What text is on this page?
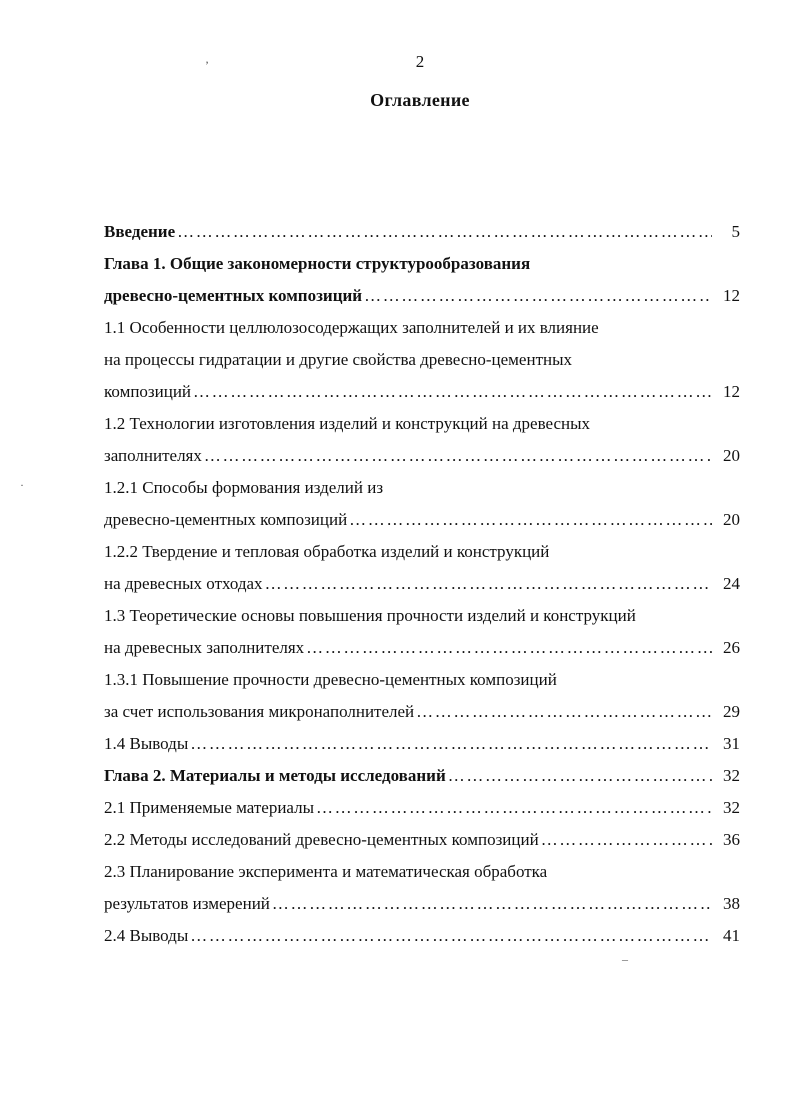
2
Оглавление
Введение ……………………………………………………………………………………………………………………………………………………	5
Глава 1. Общие закономерности структурообразования
древесно-цементных композиций ……………………………………………………………………………………………………………………………………………………	12
1.1 Особенности целлюлозосодержащих заполнителей и их влияние
на процессы гидратации и другие свойства древесно-цементных
композиций ……………………………………………………………………………………………………………………………………………………	12
1.2 Технологии изготовления изделий и конструкций на древесных
заполнителях ……………………………………………………………………………………………………………………………………………………	20
1.2.1 Способы формования изделий из
древесно-цементных композиций ……………………………………………………………………………………………………………………………………………………	20
1.2.2 Твердение и тепловая обработка изделий и конструкций
на древесных отходах ……………………………………………………………………………………………………………………………………………………	24
1.3 Теоретические основы повышения прочности изделий и конструкций
на древесных заполнителях ……………………………………………………………………………………………………………………………………………………	26
1.3.1 Повышение прочности древесно-цементных композиций
за счет использования микронаполнителей ……………………………………………………………………………………………………………………………………………………	29
1.4 Выводы ……………………………………………………………………………………………………………………………………………………	31
Глава 2. Материалы и методы исследований ……………………………………………………………………………………………………………………………………………………	32
2.1 Применяемые материалы ……………………………………………………………………………………………………………………………………………………	32
2.2 Методы исследований древесно-цементных композиций ……………………………………………………………………………………………………………………………………………………	36
2.3 Планирование эксперимента и математическая обработка
результатов измерений ……………………………………………………………………………………………………………………………………………………	38
2.4 Выводы ……………………………………………………………………………………………………………………………………………………	41
’
·
–
